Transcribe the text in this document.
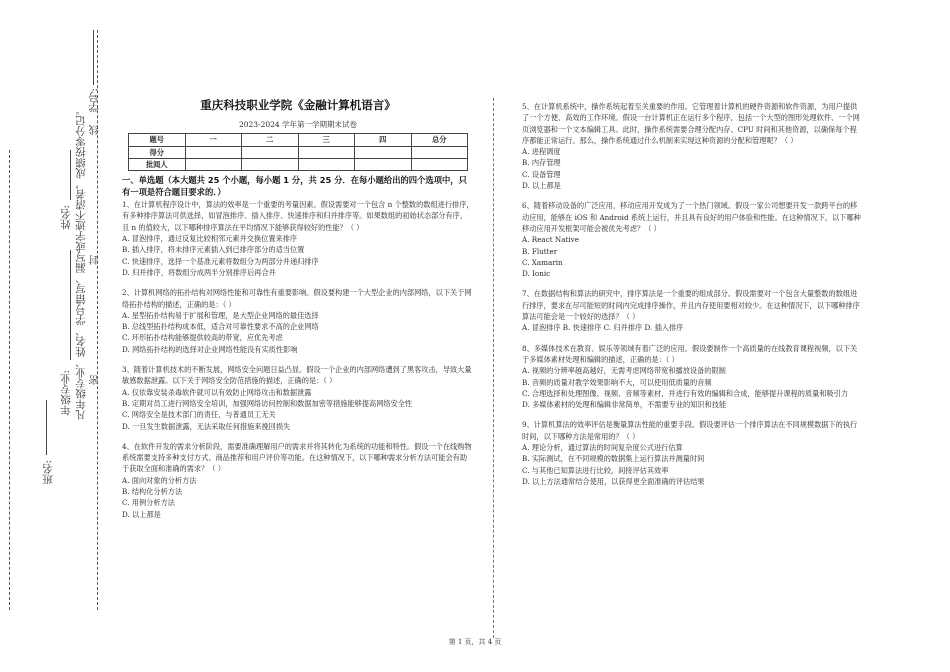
学号:
凡年级专业、姓名、学号错写、漏写或字迹不清者，成绩按零分记。 线
姓名:
封
年级专业: 密
班名:
重庆科技职业学院《金融计算机语言》
2023-2024 学年第一学期期末试卷
题号	一	二	三	四	总分
得分					
批阅人					
一、单选题（本大题共 25 个小题，每小题 1 分，共 25 分．在每小题给出的四个选项中，只有一项是符合题目要求的．）

1、在计算机程序设计中，算法的效率是一个重要的考量因素。假设需要对一个包含 n 个整数的数组进行排序，有多种排序算法可供选择，如冒泡排序、插入排序、快速排序和归并排序等。如果数组的初始状态部分有序，且 n 的值较大，以下哪种排序算法在平均情况下能够获得较好的性能？（ ）

A. 冒泡排序，通过反复比较相邻元素并交换位置来排序
B. 插入排序，将未排序元素插入到已排序部分的适当位置
C. 快速排序，选择一个基准元素将数组分为两部分并递归排序
D. 归并排序，将数组分成两半分别排序后再合并

2、计算机网络的拓扑结构对网络性能和可靠性有重要影响。假设要构建一个大型企业的内部网络，以下关于网络拓扑结构的描述，正确的是：（ ）

A. 星型拓扑结构易于扩展和管理，是大型企业网络的最佳选择
B. 总线型拓扑结构成本低，适合对可靠性要求不高的企业网络
C. 环形拓扑结构能够提供较高的带宽，应优先考虑
D. 网络拓扑结构的选择对企业网络性能没有实质性影响

3、随着计算机技术的不断发展，网络安全问题日益凸显。假设一个企业的内部网络遭到了黑客攻击，导致大量敏感数据泄露。以下关于网络安全防范措施的描述，正确的是：（ ）

A. 仅依靠安装杀毒软件就可以有效防止网络攻击和数据泄露
B. 定期对员工进行网络安全培训，加强网络访问控制和数据加密等措施能够提高网络安全性
C. 网络安全是技术部门的责任，与普通员工无关
D. 一旦发生数据泄露，无法采取任何措施来挽回损失

4、在软件开发的需求分析阶段，需要准确理解用户的需求并将其转化为系统的功能和特性。假设一个在线购物系统需要支持多种支付方式、商品推荐和用户评价等功能。在这种情况下，以下哪种需求分析方法可能会有助于获取全面和准确的需求？（ ）

A. 面向对象的分析方法
B. 结构化分析方法
C. 用例分析方法
D. 以上都是

5、在计算机系统中，操作系统起着至关重要的作用。它管理着计算机的硬件资源和软件资源，为用户提供了一个方便、高效的工作环境。假设一台计算机正在运行多个程序，包括一个大型的图形处理软件、一个网页浏览器和一个文本编辑工具。此时，操作系统需要合理分配内存、CPU 时间和其他资源，以确保每个程序都能正常运行。那么，操作系统通过什么机制来实现这种资源的分配和管理呢？（ ）

A. 进程调度
B. 内存管理
C. 设备管理
D. 以上都是

6、随着移动设备的广泛应用，移动应用开发成为了一个热门领域。假设一家公司想要开发一款跨平台的移动应用，能够在 iOS 和 Android 系统上运行，并且具有良好的用户体验和性能。在这种情况下，以下哪种移动应用开发框架可能会被优先考虑？（ ）

A. React Native
B. Flutter
C. Xamarin
D. Ionic

7、在数据结构和算法的研究中，排序算法是一个重要的组成部分。假设需要对一个包含大量整数的数组进行排序，要求在尽可能短的时间内完成排序操作，并且内存使用要相对较少。在这种情况下，以下哪种排序算法可能会是一个较好的选择？（ ）

A. 冒泡排序 B. 快速排序 C. 归并排序 D. 插入排序

8、多媒体技术在教育、娱乐等领域有着广泛的应用。假设要制作一个高质量的在线教育课程视频，以下关于多媒体素材处理和编辑的描述，正确的是：（ ）

A. 视频的分辨率越高越好，无需考虑网络带宽和播放设备的限制
B. 音频的质量对教学效果影响不大，可以使用低质量的音频
C. 合理选择和处理图像、视频、音频等素材，并进行有效的编辑和合成，能够提升课程的质量和吸引力
D. 多媒体素材的处理和编辑非常简单，不需要专业的知识和技能

9、计算机算法的效率评估是衡量算法性能的重要手段。假设要评估一个排序算法在不同规模数据下的执行时间，以下哪种方法是常用的？（ ）

A. 理论分析，通过算法的时间复杂度公式进行估算
B. 实际测试，在不同规模的数据集上运行算法并测量时间
C. 与其他已知算法进行比较，间接评估其效率
D. 以上方法通常结合使用，以获得更全面准确的评估结果
第 1 页，共 4 页
